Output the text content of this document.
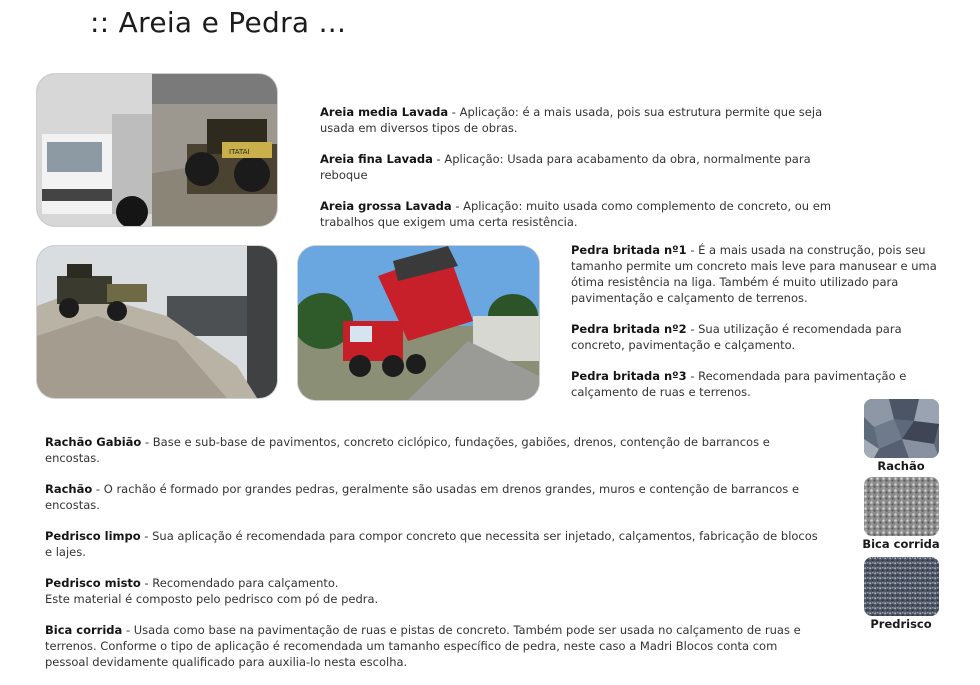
:: Areia e Pedra ...
ITATAI
Areia media Lavada - Aplicação: é a mais usada, pois sua estrutura permite que seja usada em diversos tipos de obras.
Areia fina Lavada - Aplicação: Usada para acabamento da obra, normalmente para reboque
Areia grossa Lavada - Aplicação: muito usada como complemento de concreto, ou em trabalhos que exigem uma certa resistência.
Pedra britada nº1 - É a mais usada na construção, pois seu tamanho permite um concreto mais leve para manusear e uma ótima resistência na liga. Também é muito utilizado para pavimentação e calçamento de terrenos.
Pedra britada nº2 - Sua utilização é recomendada para concreto, pavimentação e calçamento.
Pedra britada nº3 - Recomendada para pavimentação e calçamento de ruas e terrenos.
Rachão Gabião - Base e sub-base de pavimentos, concreto ciclópico, fundações, gabiões, drenos, contenção de barrancos e encostas.
Rachão - O rachão é formado por grandes pedras, geralmente são usadas em drenos grandes, muros e contenção de barrancos e encostas.
Pedrisco limpo - Sua aplicação é recomendada para compor concreto que necessita ser injetado, calçamentos, fabricação de blocos e lajes.
Pedrisco misto - Recomendado para calçamento.
Este material é composto pelo pedrisco com pó de pedra.
Bica corrida - Usada como base na pavimentação de ruas e pistas de concreto. Também pode ser usada no calçamento de ruas e terrenos. Conforme o tipo de aplicação é recomendada um tamanho específico de pedra, neste caso a Madri Blocos conta com pessoal devidamente qualificado para auxilia-lo nesta escolha.
Rachão
Bica corrida
Predrisco
